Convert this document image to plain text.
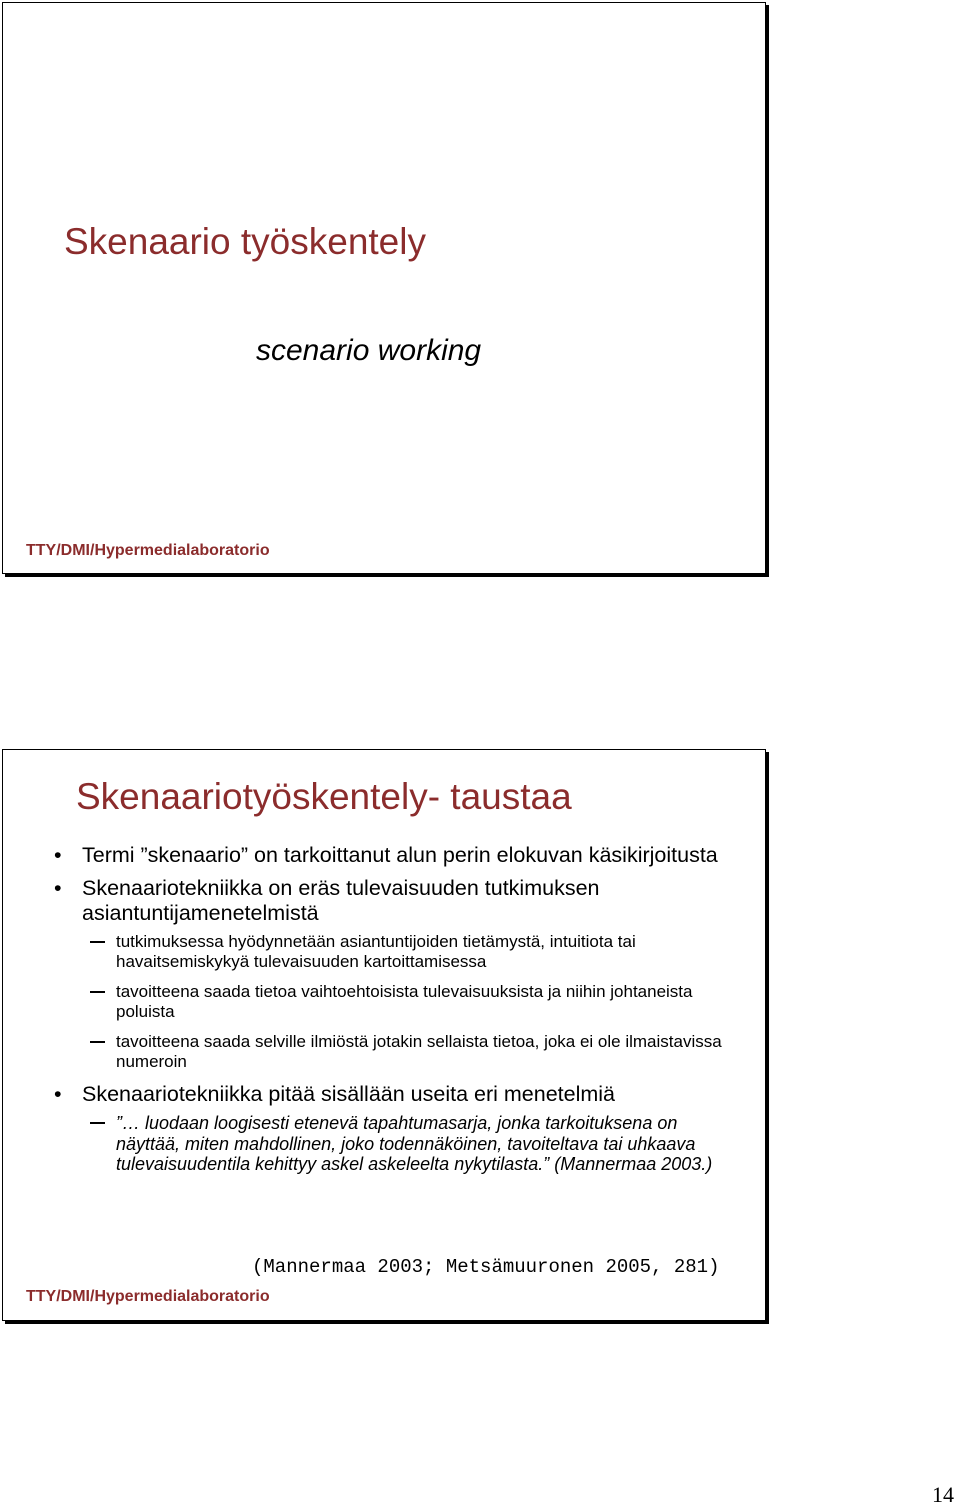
Skenaario työskentely
scenario working
TTY/DMI/Hypermedialaboratorio
Skenaariotyöskentely- taustaa
• Termi ”skenaario” on tarkoittanut alun perin elokuvan käsikirjoitusta
• Skenaariotekniikka on eräs tulevaisuuden tutkimuksen asiantuntijamenetelmistä
tutkimuksessa hyödynnetään asiantuntijoiden tietämystä, intuitiota tai havaitsemiskykyä tulevaisuuden kartoittamisessa
tavoitteena saada tietoa vaihtoehtoisista tulevaisuuksista ja niihin johtaneista poluista
tavoitteena saada selville ilmiöstä jotakin sellaista tietoa, joka ei ole ilmaistavissa numeroin
• Skenaariotekniikka pitää sisällään useita eri menetelmiä
”… luodaan loogisesti etenevä tapahtumasarja, jonka tarkoituksena on näyttää, miten mahdollinen, joko todennäköinen, tavoiteltava tai uhkaava tulevaisuudentila kehittyy askel askeleelta nykytilasta.” (Mannermaa 2003.)
(Mannermaa 2003; Metsämuuronen 2005, 281)
TTY/DMI/Hypermedialaboratorio
14
